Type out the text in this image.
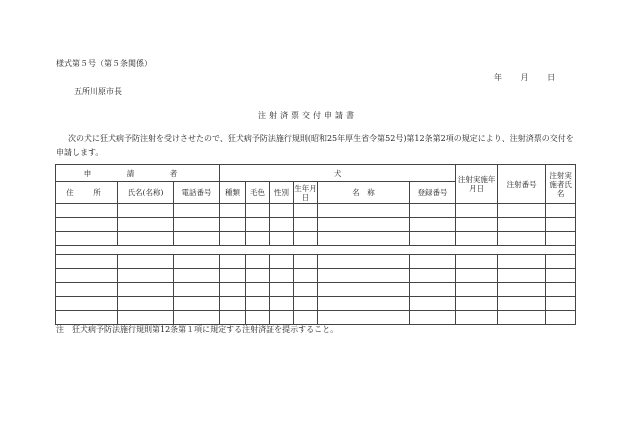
様式第５号（第５条関係）
年 月 日
五所川原市長
注射済票交付申請書
次の犬に狂犬病予防注射を受けさせたので、狂犬病予防法施行規則(昭和25年厚生省令第52号)第12条第2項の規定により、注射済票の交付を申請します。
申　請　者			犬						注射実施年月日	注射番号	注射実施者氏名	
住　所	氏名(名称)	電話番号	種類	毛色	性別	生年月日	名　称	登録番号				

注　狂犬病予防法施行規則第12条第１項に規定する注射済証を提示すること。
